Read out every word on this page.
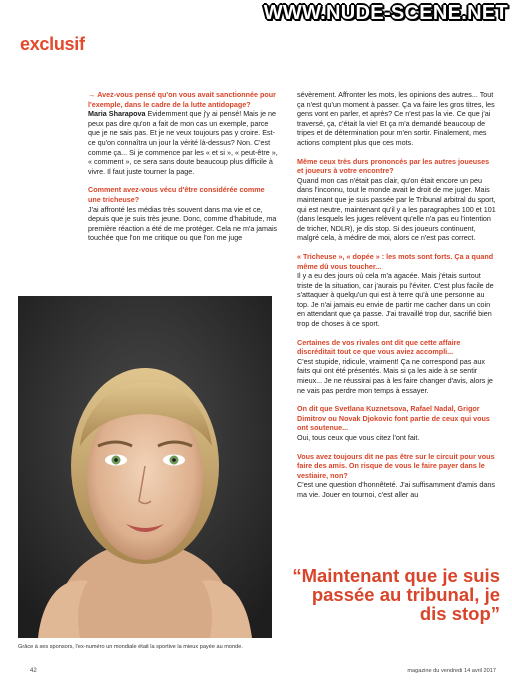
WWW.NUDE-SCENE.NET
exclusif

→ Avez-vous pensé qu'on vous avait sanctionnée pour l'exemple, dans le cadre de la lutte antidopage?

Maria Sharapova Evidemment que j'y ai pensé! Mais je ne peux pas dire qu'on a fait de mon cas un exemple, parce que je ne sais pas. Et je ne veux toujours pas y croire. Est-ce qu'on connaîtra un jour la vérité là-dessus? Non. C'est comme ça... Si je commence par les « et si », « peut-être », « comment », ce sera sans doute beaucoup plus difficile à vivre. Il faut juste tourner la page.

Comment avez-vous vécu d'être considérée comme une tricheuse?

J'ai affronté les médias très souvent dans ma vie et ce, depuis que je suis très jeune. Donc, comme d'habitude, ma première réaction a été de me protéger. Cela ne m'a jamais touchée que l'on me critique ou que l'on me juge

sévèrement. Affronter les mots, les opinions des autres... Tout ça n'est qu'un moment à passer. Ça va faire les gros titres, les gens vont en parler, et après? Ce n'est pas la vie. Ce que j'ai traversé, ça, c'était la vie! Et ça m'a demandé beaucoup de tripes et de détermination pour m'en sortir. Finalement, mes actions comptent plus que ces mots.

Même ceux très durs prononcés par les autres joueuses et joueurs à votre encontre?

Quand mon cas n'était pas clair, qu'on était encore un peu dans l'inconnu, tout le monde avait le droit de me juger. Mais maintenant que je suis passée par le Tribunal arbitral du sport, qui est neutre, maintenant qu'il y a les paragraphes 100 et 101 (dans lesquels les juges relèvent qu'elle n'a pas eu l'intention de tricher, NDLR), je dis stop. Si des joueurs continuent, malgré cela, à médire de moi, alors ce n'est pas correct.

« Tricheuse », « dopée » : les mots sont forts. Ça a quand même dû vous toucher...

Il y a eu des jours où cela m'a agacée. Mais j'étais surtout triste de la situation, car j'aurais pu l'éviter. C'est plus facile de s'attaquer à quelqu'un qui est à terre qu'à une personne au top. Je n'ai jamais eu envie de partir me cacher dans un coin en attendant que ça passe. J'ai travaillé trop dur, sacrifié bien trop de choses à ce sport.

Certaines de vos rivales ont dit que cette affaire discréditait tout ce que vous aviez accompli...

C'est stupide, ridicule, vraiment! Ça ne correspond pas aux faits qui ont été présentés. Mais si ça les aide à se sentir mieux... Je ne réussirai pas à les faire changer d'avis, alors je ne vais pas perdre mon temps à essayer.

On dit que Svetlana Kuznetsova, Rafael Nadal, Grigor Dimitrov ou Novak Djokovic font partie de ceux qui vous ont soutenue...

Oui, tous ceux que vous citez l'ont fait.

Vous avez toujours dit ne pas être sur le circuit pour vous faire des amis. On risque de vous le faire payer dans le vestiaire, non?

C'est une question d'honnêteté. J'ai suffisamment d'amis dans ma vie. Jouer en tournoi, c'est aller au

Grâce à ses sponsors, l'ex-numéro un mondiale était la sportive la mieux payée au monde.
“Maintenant que je suis passée au tribunal, je dis stop”
42	magazine du vendredi 14 avril 2017
